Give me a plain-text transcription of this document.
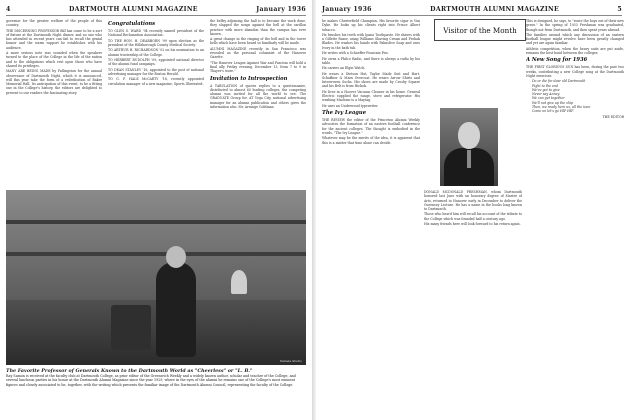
4	DARTMOUTH ALUMNI MAGAZINE	January 1936

governor for the greater welfare of the people of this country.

THE DISCERNING PROFESSOR Bill has come to be a sort of fixture at the Dartmouth Night dinner, and no one who has attended in recent years can fail to recall the genial humor and the warm rapport he establishes with his audience.

A more serious note was sounded when the speakers turned to the place of the College in the life of the nation and to the obligations which rest upon those who have shared its privileges.

MANY ARE BEING MADE by Pallingston for the annual observance of Dartmouth Night, which it is announced, will this year take the form of a rededication of Baker Memorial Hall. Its anticipation of this event, to be a fitting one in the College's history, the editors are delighted to present to our readers the fascinating story.

Congratulations

TO GLEN S. WARD '94 recently named president of the National Reclamation Association.

TO THE HON. H. DEARBORN '99 upon election as the president of the Hillsborough County Medical Society.

TO ARTHUR H. RICHARDSON '02 on his nomination to an alumni trusteeship of the College.

TO HERBERT RUDOLPH '09, appointed national director of the alumni fund campaign.

TO DEAN STANLEY '16, appointed to the post of national advertising manager for the Boston Herald.

TO G. F. HALE McCARTY '18, recently appointed circulation manager of a new magazine, Sports Illustrated.

the belfry adjoining the hall is to become the work done, they slapped the songs against the bell at the carillon practice with more abandon than the campus has ever known.

A great change in the ringing of the bell and in the tower bells which have been heard so familiarly will be made.

ALUMNI MAGAZINE recently in San Francisco was revealed as the personal columnist of the Hanover Gazette.

"The Hanover League Against War and Fascism will hold a final ally Friday evening, December 13, from 7 to 9 in Thayer's store."

Invitation to Introspection

A TABULATION of quotes replies to a questionnaire, distributed to almost 60 leading colleges, the competing alumni was invited for all the world to see. The GRADUATE Group for. AT Vega City, national advertising manager for an alumni publication and others gives the information also. Mr. Arrange Goldman.

Pamela Studio
The Favorite Professor of Generals Known to the Dartmouth World as "Cheerless" or "L. B."
Ray Samon is received at the faculty club at Dartmouth College, as prior editor of the Greenwich Weekly and a widely known author, scholar and teacher of the College, and several luncheon parties in his honor at the Dartmouth Alumni Magazine since the year 1929, where in the eyes of the alumni he remains one of the College's most eminent figures and closely associated to be, together, with the writing which presents the familiar image of the Dartmouth Alumni Council, representing the faculty of the College.
January 1936	DARTMOUTH ALUMNI MAGAZINE	5

he makes Chesterfield Champion, His favorite cigar is Van Dyke. He looks up his clients right into Prince Albert tobacco.

He brushes his teeth with Ipana Toothpaste. He shaves with a Gillette Razor, using Williams Shaving Cream and Probak Blades. He washes his hands with Palmolive Soap and uses Ivory in the bath tub.

He writes with a Schaeffer Fountain Pen.

He owns a Philco Radio, and there is always a radio by his table.

He carries an Elgin Watch.

He wears a Stetson Hat, Taylor Made Suit and Hart, Schaffner & Marx Overcoat. He wears Arrow Shirts and Interwoven Socks. His shoes are made by Crosby Square and his Belt is from Hickok.

He lives in a Hoover Vacuum Cleaner in his home. General Electric supplied the range, stove and refrigerator. His washing Machine is a Maytag.

He uses an Underwood typewriter.

The Ivy League

THE REVIEW the editor of the Princeton Alumni Weekly advocates the formation of an eastern football conference for the ancient colleges. The thought is embodied in the words, "The Ivy League."

Whatever may be the merits of the idea, it is apparent that this is a matter that time alone can decide.

Visitor of the Month

DONALD MCDONALD FRESHMAN, whom Dartmouth honored last June with an honorary degree of Master of Arts, returned to Hanover early in December to deliver the Guernsey Lecture. He has a name in the books long known to Dartmouth.

Those who heard him will recall his account of the tribute to the College which was founded half a century ago.

His many friends here will look forward to his return again.

This is designed, he says, to "route the boys out of their new grave." In the spring of 1933 Freshman was graduated, though not from Dartmouth, and then spent years abroad.

The families around which any discussion of an eastern football league might revolve have been greatly changed and yet are again familiar.

Athletic competition, when the heavy suits are put aside, remains the best bond between the colleges.

A New Song for 1936

THE FIRST GLORIOUS SUN has been, during the past two weeks, contributing a new College song at the Dartmouth Night exercises.

Do or die for dear old Dartmouth

Fight to the end

We've got to give

Never say Anney.

We can get together

We'll not give up the ship

Then, we ready here us, all the tone

Come on let's go HIP HIP.

THE EDITOR
